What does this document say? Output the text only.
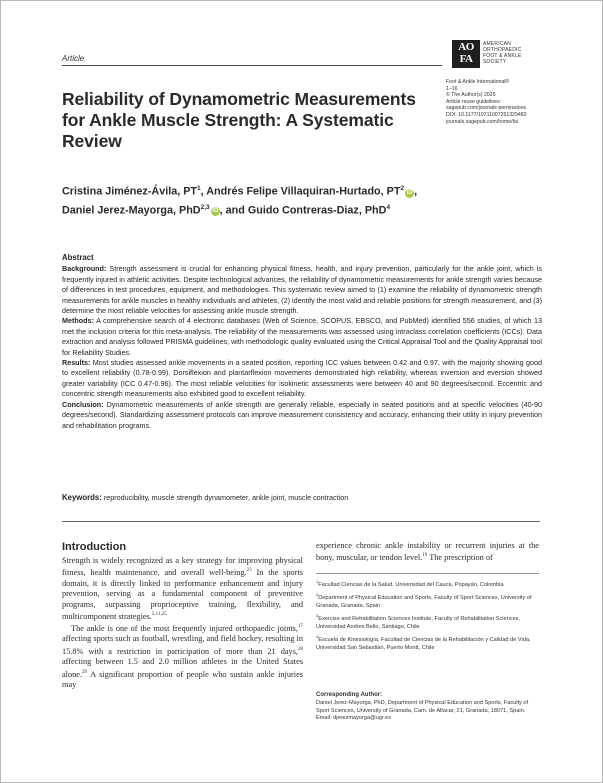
Article
AO
FA
AMERICAN
ORTHOPAEDIC
FOOT & ANKLE
SOCIETY
Foot & Ankle International®
1–16
© The Author(s) 2025
Article reuse guidelines:
sagepub.com/journals-permissions
DOI: 10.1177/10711007251329483
journals.sagepub.com/home/fai
Reliability of Dynamometric Measurements for Ankle Muscle Strength: A Systematic Review
Cristina Jiménez-Ávila, $PT^1$, Andrés Felipe Villaquiran-Hurtado, $PT^2iD$ ,
Daniel Jerez-Mayorga, PhD$^{2,3}$iD , and Guido Contreras-Diaz, PhD$^4$
Abstract

Background: Strength assessment is crucial for enhancing physical fitness, health, and injury prevention, particularly for the ankle joint, which is frequently injured in athletic activities. Despite technological advances, the reliability of dynamometric measurements for ankle strength varies because of differences in test procedures, equipment, and methodologies. This systematic review aimed to (1) examine the reliability of dynamometric strength measurements for ankle muscles in healthy individuals and athletes, (2) identify the most valid and reliable positions for strength measurement, and (3) determine the most reliable velocities for assessing ankle muscle strength.

Methods: A comprehensive search of 4 electronic databases (Web of Science, SCOPUS, EBSCO, and PubMed) identified 556 studies, of which 13 met the inclusion criteria for this meta-analysis. The reliability of the measurements was assessed using intraclass correlation coefficients (ICCs). Data extraction and analysis followed PRISMA guidelines, with methodologic quality evaluated using the Critical Appraisal Tool and the Quality Appraisal tool for Reliability Studies.

Results: Most studies assessed ankle movements in a seated position, reporting ICC values between 0.42 and 0.97, with the majority showing good to excellent reliability (0.78-0.99). Dorsiflexion and plantarflexion movements demonstrated high reliability, whereas inversion and eversion showed greater variability (ICC 0.47-0.96). The most reliable velocities for isokinetic assessments were between 40 and 90 degrees/second. Eccentric and concentric strength measurements also exhibited good to excellent reliability.

Conclusion: Dynamometric measurements of ankle strength are generally reliable, especially in seated positions and at specific velocities (40-90 degrees/second). Standardizing assessment protocols can improve measurement consistency and accuracy, enhancing their utility in injury prevention and rehabilitation programs.

Keywords: reproducibility, muscle strength dynamometer, ankle joint, muscle contraction
Introduction

Strength is widely recognized as a key strategy for improving physical fitness, health maintenance, and overall well-being.$^{23}$ In the sports domain, it is directly linked to performance enhancement and injury prevention, serving as a fundamental component of preventive programs, surpassing proprioceptive training, flexibility, and multicomponent strategies.$^{5,11,25}$

The ankle is one of the most frequently injured orthopaedic joints,$^{17}$ affecting sports such as football, wrestling, and field hockey, resulting in 15.8% with a restriction in participation of more than 21 days,$^{28}$ affecting between 1.5 and 2.0 million athletes in the United States alone.$^{29}$ A significant proportion of people who sustain ankle injuries may

experience chronic ankle instability or recurrent injuries at the bony, muscular, or tendon level.$^{19}$ The prescription of

$^1$Facultad Ciencias de la Salud, Universidad del Cauca, Popayán, Colombia

$^2$Department of Physical Education and Sports, Faculty of Sport Sciences, University of Granada, Granada, Spain

$^3$Exercise and Rehabilitation Sciences Institute, Faculty of Rehabilitation Sciences, Universidad Andres Bello, Santiago, Chile

$^4$Escuela de Kinesiología, Facultad de Ciencias de la Rehabilitación y Calidad de Vida, Universidad San Sebastián, Puerto Montt, Chile

Corresponding Author:

Daniel Jerez-Mayorga, PhD, Department of Physical Education and Sports, Faculty of Sport Sciences, University of Granada, Cam. de Alfacar, 21, Granada, 18071, Spain.

Email: djerezmayorga@ugr.es
